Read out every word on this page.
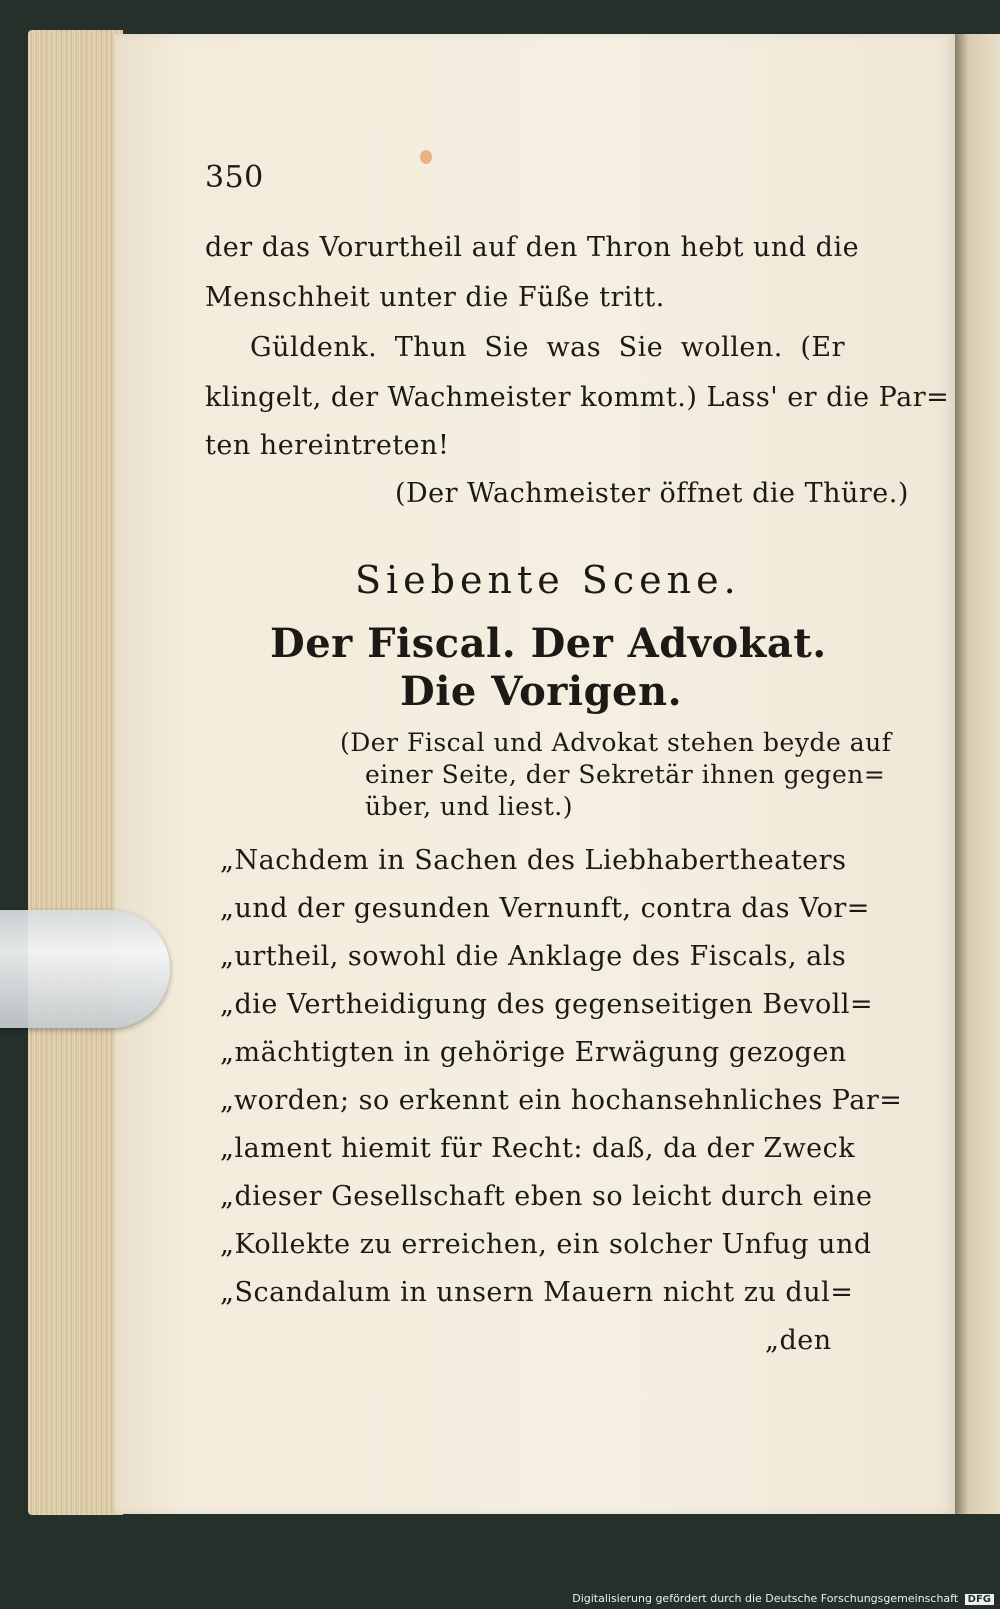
350
der das Vorurtheil auf den Thron hebt und die
Menschheit unter die Füße tritt.
Güldenk. Thun Sie was Sie wollen. (Er
klingelt, der Wachmeister kommt.) Lass' er die Par=
ten hereintreten!
(Der Wachmeister öffnet die Thüre.)
Siebente Scene.
Der Fiscal. Der Advokat.
Die Vorigen.
(Der Fiscal und Advokat stehen beyde auf
einer Seite, der Sekretär ihnen gegen=
über, und liest.)
„Nachdem in Sachen des Liebhabertheaters
„und der gesunden Vernunft, contra das Vor=
„urtheil, sowohl die Anklage des Fiscals, als
„die Vertheidigung des gegenseitigen Bevoll=
„mächtigten in gehörige Erwägung gezogen
„worden; so erkennt ein hochansehnliches Par=
„lament hiemit für Recht: daß, da der Zweck
„dieser Gesellschaft eben so leicht durch eine
„Kollekte zu erreichen, ein solcher Unfug und
„Scandalum in unsern Mauern nicht zu dul=
„den
Digitalisierung gefördert durch die Deutsche Forschungsgemeinschaft DFG
